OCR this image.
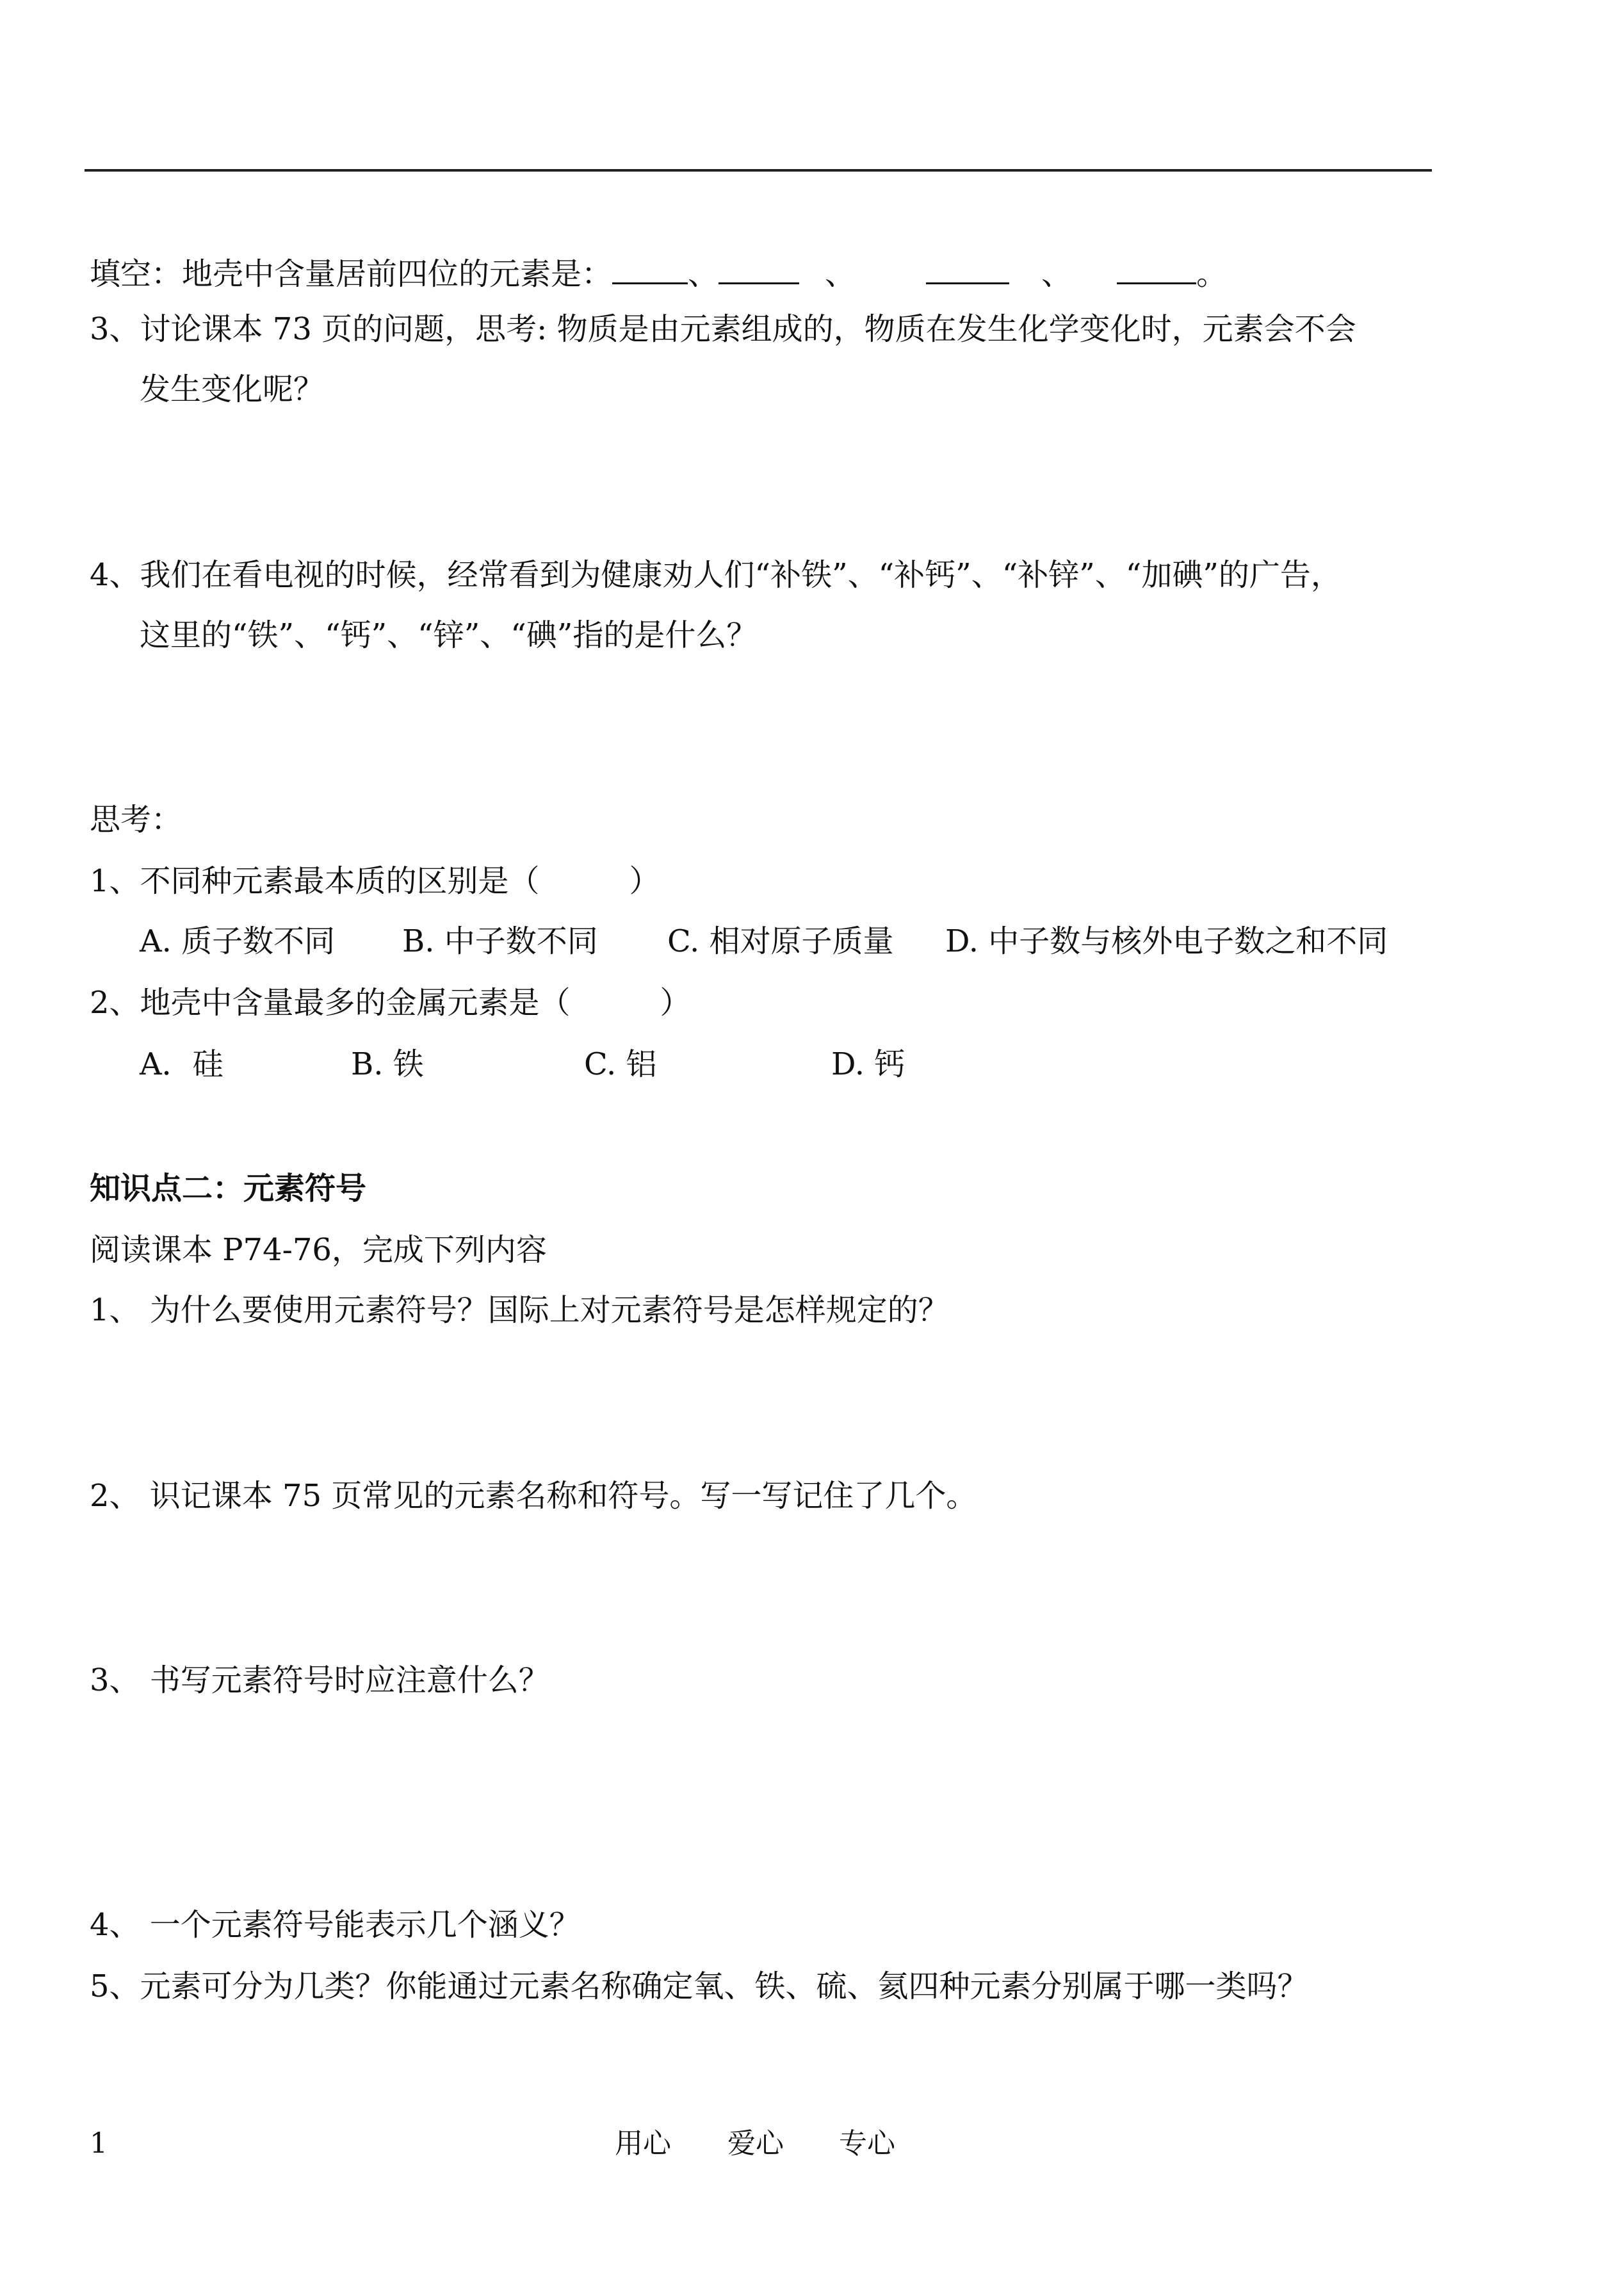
填空：地壳中含量居前四位的元素是： 、	、	、	。
3、讨论课本 73 页的问题，思考: 物质是由元素组成的，物质在发生化学变化时，元素会不会
发生变化呢？
4、我们在看电视的时候，经常看到为健康劝人们“补铁”、“补钙”、“补锌”、“加碘”的广告，
这里的“铁”、“钙”、“锌”、“碘”指的是什么？
思考：
1、不同种元素最本质的区别是（	）
A. 质子数不同 B. 中子数不同 C. 相对原子质量 D. 中子数与核外电子数之和不同
2、地壳中含量最多的金属元素是（	）
A．硅	B. 铁	C. 铝	D. 钙
知识点二：元素符号
阅读课本 P74-76，完成下列内容
1、 为什么要使用元素符号？国际上对元素符号是怎样规定的？
2、 识记课本 75 页常见的元素名称和符号。写一写记住了几个。
3、 书写元素符号时应注意什么？
4、 一个元素符号能表示几个涵义？
5、元素可分为几类？你能通过元素名称确定氧、铁、硫、氦四种元素分别属于哪一类吗？
1	用心 爱心 专心
